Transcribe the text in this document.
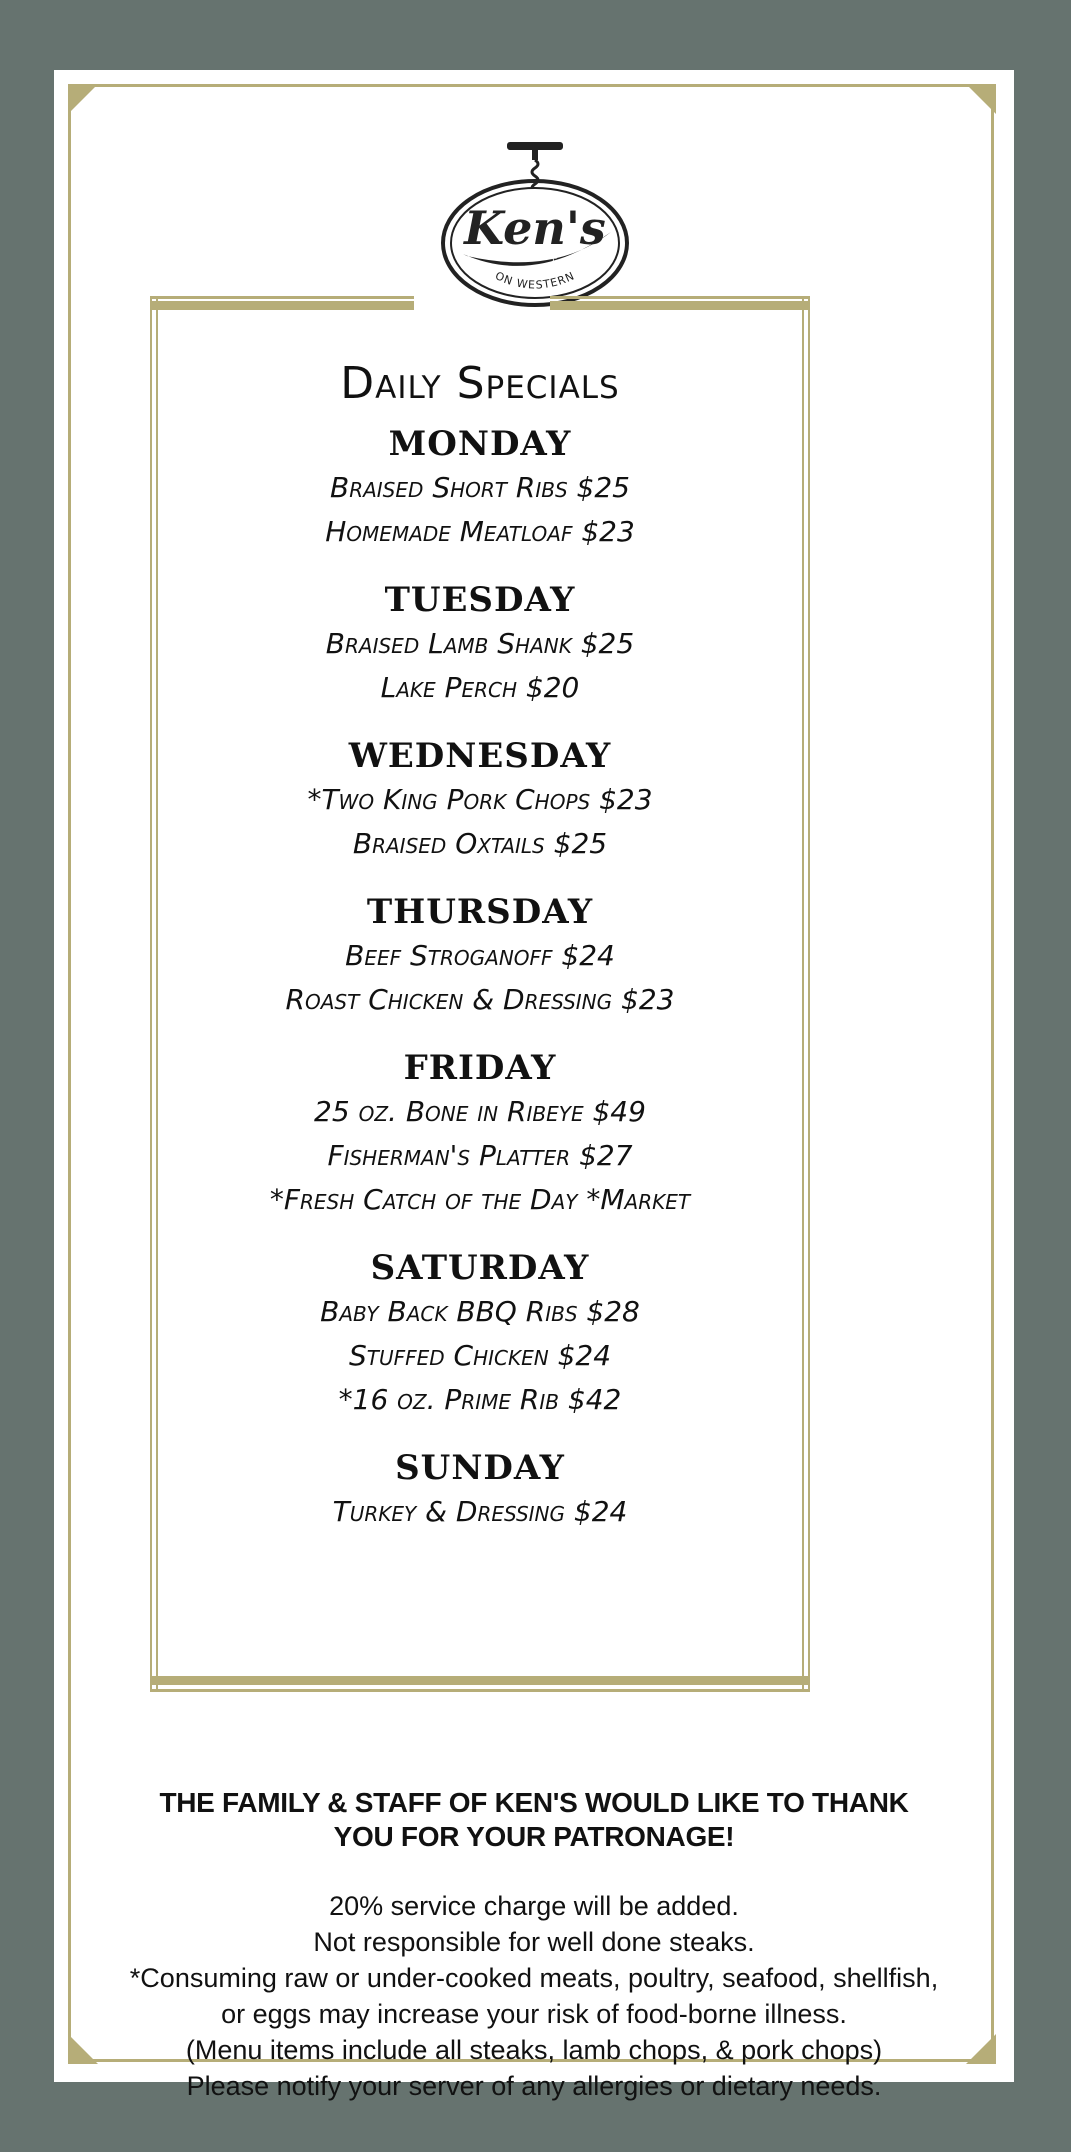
Ken's
Est. 1999
ON WESTERN
Daily Specials
MONDAY

Braised Short Ribs $25

Homemade Meatloaf $23

TUESDAY

Braised Lamb Shank $25

Lake Perch $20

WEDNESDAY

*Two King Pork Chops $23

Braised Oxtails $25

THURSDAY

Beef Stroganoff $24

Roast Chicken & Dressing $23

FRIDAY

25 oz. Bone in Ribeye $49

Fisherman's Platter $27

*Fresh Catch of the Day *Market

SATURDAY

Baby Back BBQ Ribs $28

Stuffed Chicken $24

*16 oz. Prime Rib $42

SUNDAY

Turkey & Dressing $24

THE FAMILY & STAFF OF KEN'S WOULD LIKE TO THANK YOU FOR YOUR PATRONAGE!

20% service charge will be added.

Not responsible for well done steaks.

*Consuming raw or under-cooked meats, poultry, seafood, shellfish,

or eggs may increase your risk of food-borne illness.

(Menu items include all steaks, lamb chops, & pork chops)

Please notify your server of any allergies or dietary needs.
